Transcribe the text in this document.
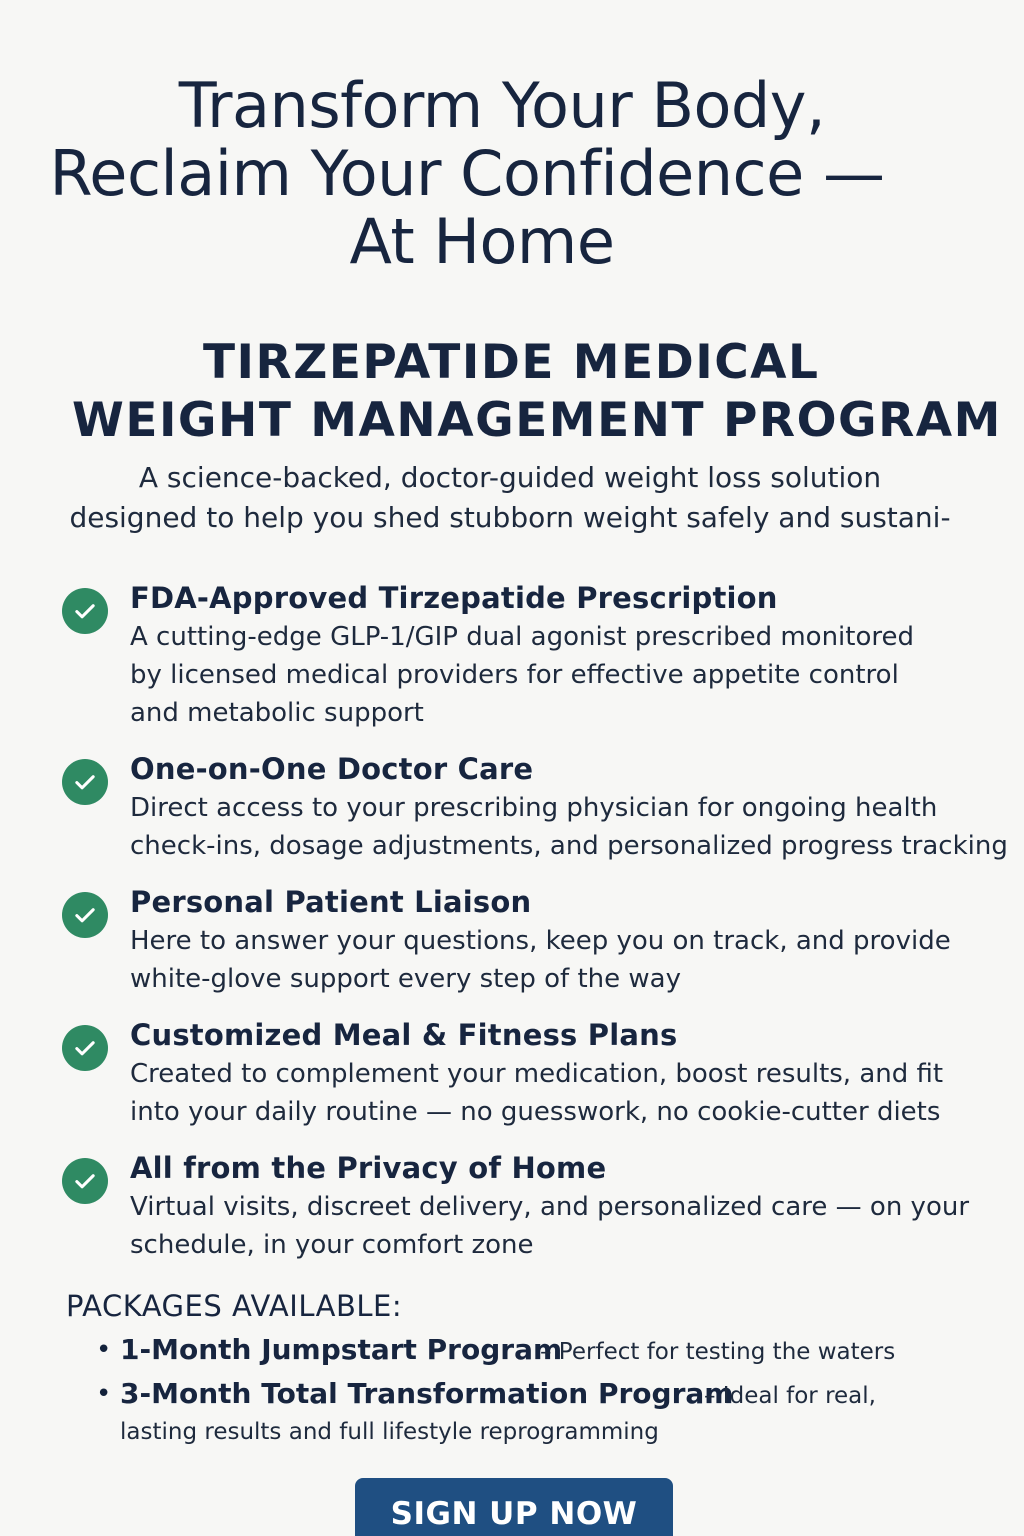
Transform Your Body,
Reclaim Your Confidence —
At Home
TIRZEPATIDE MEDICAL
WEIGHT MANAGEMENT PROGRAM

A science-backed, doctor-guided weight loss solution
designed to help you shed stubborn weight safely and sustani-

FDA-Approved Tirzepatide Prescription
A cutting-edge GLP-1/GIP dual agonist prescribed monitored
by licensed medical providers for effective appetite control
and metabolic support
One-on-One Doctor Care
Direct access to your prescribing physician for ongoing health
check-ins, dosage adjustments, and personalized progress tracking
Personal Patient Liaison
Here to answer your questions, keep you on track, and provide
white-glove support every step of the way
Customized Meal & Fitness Plans
Created to complement your medication, boost results, and fit
into your daily routine — no guesswork, no cookie-cutter diets
All from the Privacy of Home
Virtual visits, discreet delivery, and personalized care — on your
schedule, in your comfort zone
PACKAGES AVAILABLE:
• 1-Month Jumpstart Program
– Perfect for testing the waters
• 3-Month Total Transformation Program
– Ideal for real,
lasting results and full lifestyle reprogramming
SIGN UP NOW
